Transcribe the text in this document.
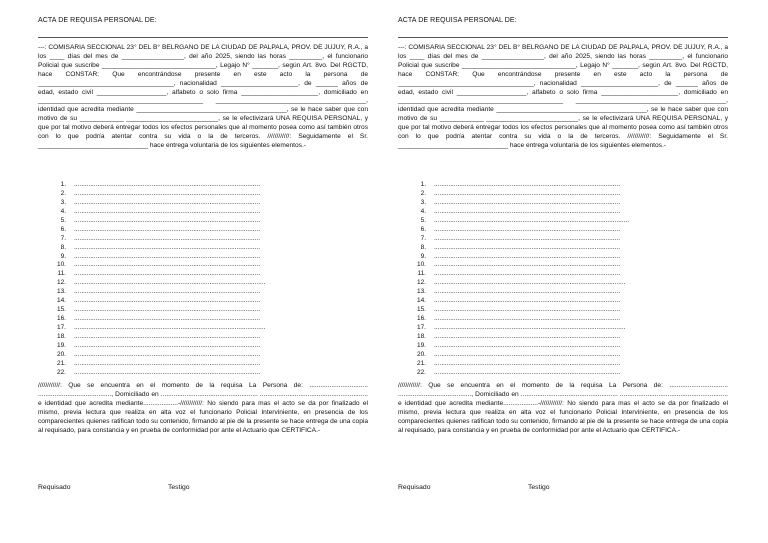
ACTA DE REQUISA PERSONAL DE:
---: COMISARIA SECCIONAL 23° DEL B° BELRGANO DE LA CIUDAD DE PALPALA, PROV. DE JUJUY, R.A., a los ____ días del mes de _________________, del año 2025, siendo las horas _________, el funcionario Policial que suscribe _______________________________, Legajo N° _______, según Art. 8vo. Del RGCTD, hace CONSTAR: Que encontrándose presente en este acto la persona de _____________________________________, nacionalidad _____________________, de ______ años de edad, estado civil ___________________, alfabeto o solo firma _____________________, domiciliado en _____________________________________________ _________________________________________, identidad que acredita mediante _________________________________________, se le hace saber que con motivo de su ____________ _________________________, se le efectivizará UNA REQUISA PERSONAL, y que por tal motivo deberá entregar todos los efectos personales que al momento posea como así también otros con lo que podría atentar contra su vida o la de terceros. ////////////: Seguidamente el Sr. ______________________________ hace entrega voluntaria de los siguientes elementos.-
1. .......................................................................................................
2. .......................................................................................................
3. .......................................................................................................
4. .......................................................................................................
5. .......................................................................................................
6. .......................................................................................................
7. .......................................................................................................
8. .......................................................................................................
9. .......................................................................................................
10. .......................................................................................................
11. .......................................................................................................
12. ..........................................................................................................
13. .......................................................................................................
14. .......................................................................................................
15. .......................................................................................................
16. .......................................................................................................
17. ..........................................................................................................
18. .......................................................................................................
19. .......................................................................................................
20. .......................................................................................................
21. .......................................................................................................
22. .......................................................................................................
////////////: Que se encuentra en el momento de la requisa La Persona de: ................................ ........................................, Domiciliado en ..................................................... ........................................................... e identidad que acredita mediante...................-////////////: No siendo para mas el acto se da por finalizado el mismo, previa lectura que realiza en alta voz el funcionario Policial Interviniente, en presencia de los comparecientes quienes ratifican todo su contenido, firmando al pie de la presente se hace entrega de una copia al requisado, para constancia y en prueba de conformidad por ante el Actuario que CERTIFICA.-
Requisado	Testigo
ACTA DE REQUISA PERSONAL DE:
---: COMISARIA SECCIONAL 23° DEL B° BELRGANO DE LA CIUDAD DE PALPALA, PROV. DE JUJUY, R.A., a los ____ días del mes de _________________, del año 2025, siendo las horas _________, el funcionario Policial que suscribe _______________________________, Legajo N° _______, según Art. 8vo. Del RGCTD, hace CONSTAR: Que encontrándose presente en este acto la persona de _____________________________________, nacionalidad _____________________, de ______ años de edad, estado civil ___________________, alfabeto o solo firma _____________________, domiciliado en _____________________________________________ _________________________________________, identidad que acredita mediante _________________________________________, se le hace saber que con motivo de su ____________ _________________________, se le efectivizará UNA REQUISA PERSONAL, y que por tal motivo deberá entregar todos los efectos personales que al momento posea como así también otros con lo que podría atentar contra su vida o la de terceros. ////////////: Seguidamente el Sr. ______________________________ hace entrega voluntaria de los siguientes elementos.-
1. .......................................................................................................
2. .......................................................................................................
3. .......................................................................................................
4. .......................................................................................................
5. ............................................................................................................
6. .......................................................................................................
7. .......................................................................................................
8. .......................................................................................................
9. .......................................................................................................
10. .......................................................................................................
11. .......................................................................................................
12. ..........................................................................................................
13. .......................................................................................................
14. .......................................................................................................
15. .......................................................................................................
16. .......................................................................................................
17. ..........................................................................................................
18. .......................................................................................................
19. .......................................................................................................
20. .......................................................................................................
21. .......................................................................................................
22. .......................................................................................................
////////////: Que se encuentra en el momento de la requisa La Persona de: ................................ ........................................, Domiciliado en ..................................................... ........................................................... e identidad que acredita mediante...................-////////////: No siendo para mas el acto se da por finalizado el mismo, previa lectura que realiza en alta voz el funcionario Policial Interviniente, en presencia de los comparecientes quienes ratifican todo su contenido, firmando al pie de la presente se hace entrega de una copia al requisado, para constancia y en prueba de conformidad por ante el Actuario que CERTIFICA.-
Requisado	Testigo
